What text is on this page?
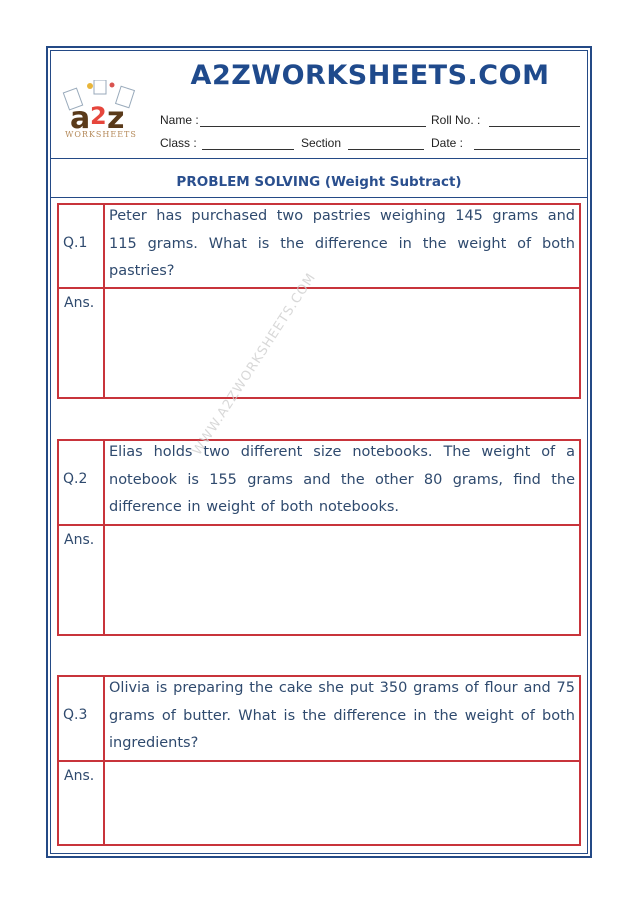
a 2 z
WORKSHEETS
A2ZWORKSHEETS.COM
Name :	Roll No. :
Class :	Section	Date :
PROBLEM SOLVING (Weight Subtract)
Q.1
Peter has purchased two pastries weighing 145 grams and 115 grams. What is the difference in the weight of both pastries?
Ans.
Q.2
Elias holds two different size notebooks. The weight of a notebook is 155 grams and the other 80 grams, find the difference in weight of both notebooks.
Ans.
Q.3
Olivia is preparing the cake she put 350 grams of flour and 75 grams of butter. What is the difference in the weight of both ingredients?
Ans.
WWW.A2ZWORKSHEETS.COM
